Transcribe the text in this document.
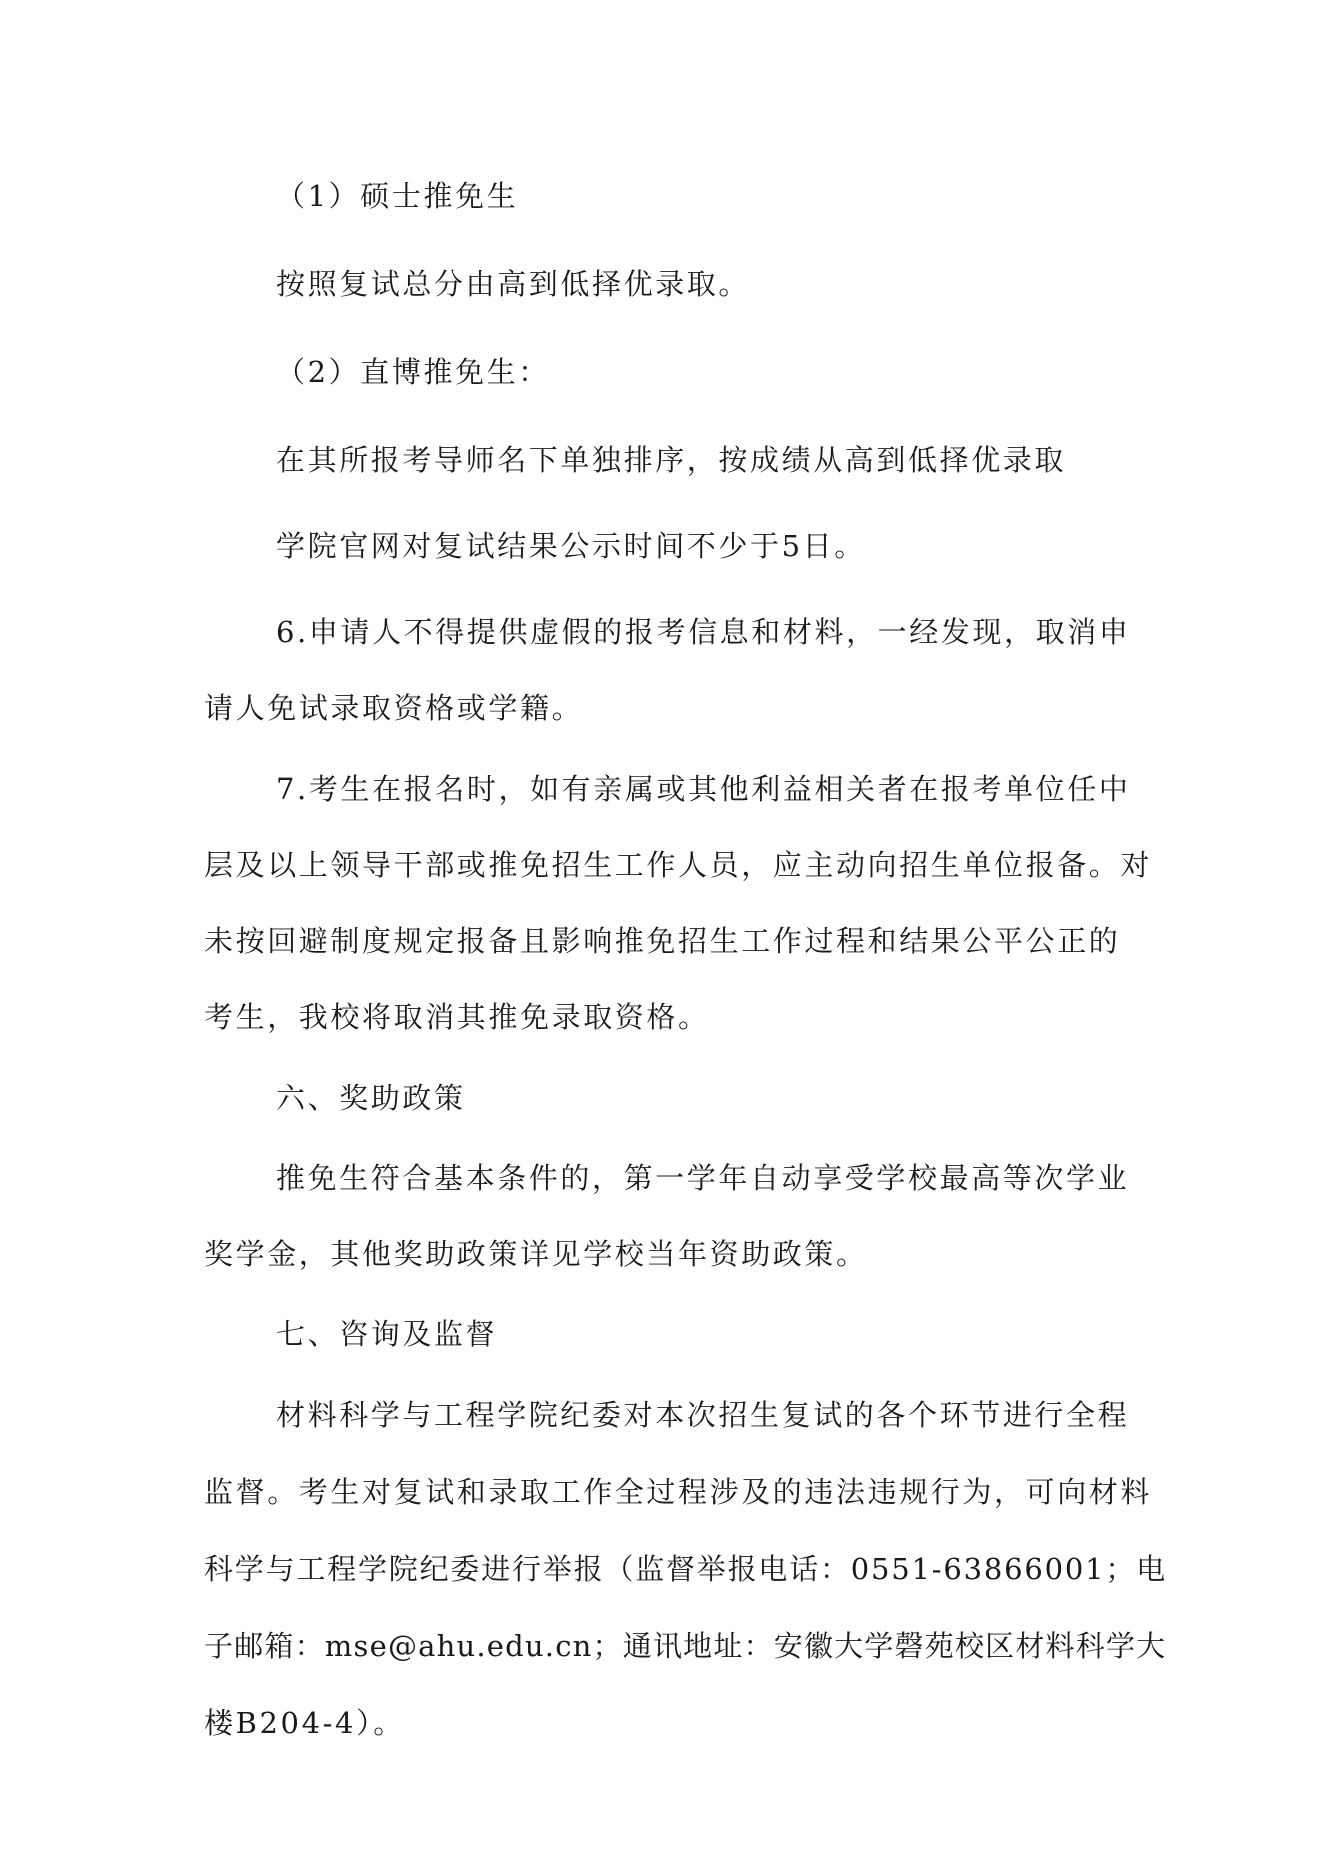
（1）硕士推免生
按照复试总分由高到低择优录取。
（2）直博推免生：
在其所报考导师名下单独排序，按成绩从高到低择优录取
学院官网对复试结果公示时间不少于5日。
6.申请人不得提供虚假的报考信息和材料，一经发现，取消申
请人免试录取资格或学籍。
7.考生在报名时，如有亲属或其他利益相关者在报考单位任中
层及以上领导干部或推免招生工作人员，应主动向招生单位报备。对
未按回避制度规定报备且影响推免招生工作过程和结果公平公正的
考生，我校将取消其推免录取资格。
六、奖助政策
推免生符合基本条件的，第一学年自动享受学校最高等次学业
奖学金，其他奖助政策详见学校当年资助政策。
七、咨询及监督
材料科学与工程学院纪委对本次招生复试的各个环节进行全程
监督。考生对复试和录取工作全过程涉及的违法违规行为，可向材料
科学与工程学院纪委进行举报（监督举报电话：0551-63866001；电
子邮箱：mse@ahu.edu.cn；通讯地址：安徽大学磬苑校区材料科学大
楼B204-4）。
